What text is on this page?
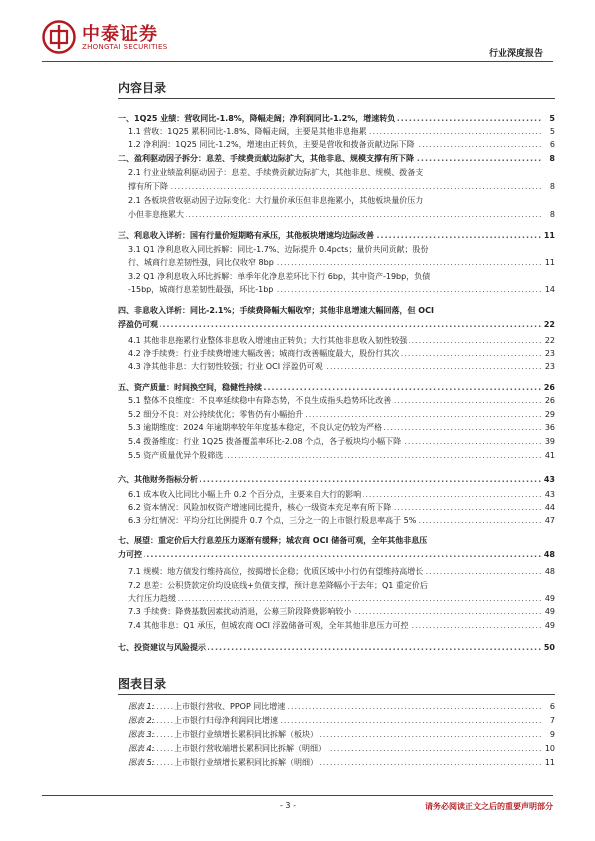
中泰证券
ZHONGTAI SECURITIES
行业深度报告
内容目录
一、1Q25 业绩：营收同比-1.8%，降幅走阔；净利润同比-1.2%，增速转负 .....	5
1.1 营收：1Q25 累积同比-1.8%、降幅走阔，主要是其他非息拖累 .....	5
1.2 净利润：1Q25 同比-1.2%，增速由正转负，主要是营收和拨备贡献边际下降 .....	6
二、盈利驱动因子拆分：息差、手续费贡献边际扩大，其他非息、规模支撑有所下降 .....	8
2.1 行业业绩盈利驱动因子：息差、手续费贡献边际扩大，其他非息、规模、拨备支
撑有所下降 .....	8
2.1 各板块营收驱动因子边际变化：大行量价承压但非息拖累小，其他板块量价压力
小但非息拖累大 .....	8
三、利息收入详析：国有行量价短期略有承压，其他板块增速均边际改善 .....	11
3.1 Q1 净利息收入同比拆解：同比-1.7%、边际提升 0.4pcts；量价共同贡献；股份
行、城商行息差韧性强，同比仅收窄 8bp .....	11
3.2 Q1 净利息收入环比拆解：单季年化净息差环比下行 6bp，其中资产-19bp，负债
-15bp，城商行息差韧性最强，环比-1bp .....	14
四、非息收入详析：同比-2.1%；手续费降幅大幅收窄；其他非息增速大幅回落，但 OCI
浮盈仍可观 .....	22
4.1 其他非息拖累行业整体非息收入增速由正转负；大行其他非息收入韧性较强 .....	22
4.2 净手续费：行业手续费增速大幅改善；城商行改善幅度最大，股份行其次 .....	23
4.3 净其他非息：大行韧性较强；行业 OCI 浮盈仍可观 .....	23
五、资产质量：时间换空间，稳健性持续 .....	26
5.1 整体不良维度：不良率延续稳中有降态势，不良生成指头趋势环比改善 .....	26
5.2 细分不良：对公持续优化；零售仍有小幅抬升 .....	29
5.3 逾期维度：2024 年逾期率较年年度基本稳定，不良认定仍较为严格 .....	36
5.4 拨备维度：行业 1Q25 拨备覆盖率环比-2.08 个点，各子板块均小幅下降 .....	39
5.5 资产质量优异个股筛选 .....	41
六、其他财务指标分析 .....	43
6.1 成本收入比同比小幅上升 0.2 个百分点，主要来自大行的影响 .....	43
6.2 资本情况：风险加权资产增速同比提升，核心一级资本充足率有所下降 .....	44
6.3 分红情况：平均分红比例提升 0.7 个点，三分之一的上市银行股息率高于 5% .....	47
七、展望：重定价后大行息差压力逐渐有缓释；城农商 OCI 储备可观，全年其他非息压
力可控 .....	48
7.1 规模：地方债发行维持高位，按揭增长企稳；优质区域中小行仍有望维持高增长 .....	48
7.2 息差：公积贷款定价均设底线+负债支撑，预计息差降幅小于去年；Q1 重定价后
大行压力趋缓 .....	49
7.3 手续费：降费基数因素扰动消退，公募三阶段降费影响较小 .....	49
7.4 其他非息：Q1 承压，但城农商 OCI 浮盈储备可观，全年其他非息压力可控 .....	49
七、投资建议与风险提示 .....	50
图表目录
图表 1: 上市银行营收、PPOP 同比增速 .....	6
图表 2: 上市银行归母净利润同比增速 .....	7
图表 3: 上市银行业绩增长累积同比拆解（板块） .....	9
图表 4: 上市银行营收端增长累积同比拆解（明细） .....	10
图表 5: 上市银行业绩增长累积同比拆解（明细） .....	11
- 3 -	请务必阅读正文之后的重要声明部分
